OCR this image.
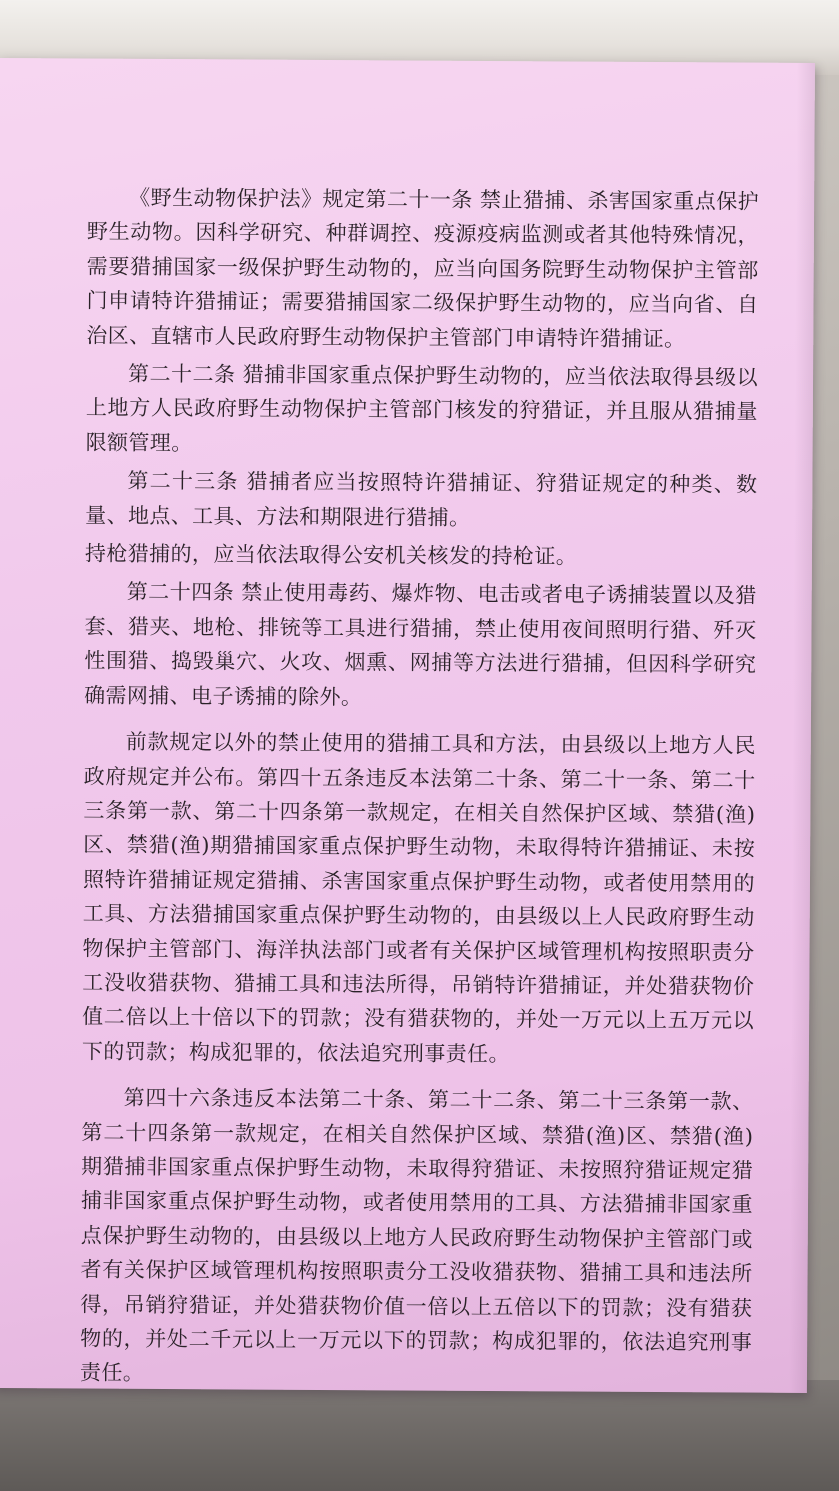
《野生动物保护法》规定第二十一条 禁止猎捕、杀害国家重点保护野生动物。因科学研究、种群调控、疫源疫病监测或者其他特殊情况，需要猎捕国家一级保护野生动物的，应当向国务院野生动物保护主管部门申请特许猎捕证；需要猎捕国家二级保护野生动物的，应当向省、自治区、直辖市人民政府野生动物保护主管部门申请特许猎捕证。

第二十二条 猎捕非国家重点保护野生动物的，应当依法取得县级以上地方人民政府野生动物保护主管部门核发的狩猎证，并且服从猎捕量限额管理。

第二十三条 猎捕者应当按照特许猎捕证、狩猎证规定的种类、数量、地点、工具、方法和期限进行猎捕。

持枪猎捕的，应当依法取得公安机关核发的持枪证。

第二十四条 禁止使用毒药、爆炸物、电击或者电子诱捕装置以及猎套、猎夹、地枪、排铳等工具进行猎捕，禁止使用夜间照明行猎、歼灭性围猎、捣毁巢穴、火攻、烟熏、网捕等方法进行猎捕，但因科学研究确需网捕、电子诱捕的除外。

前款规定以外的禁止使用的猎捕工具和方法，由县级以上地方人民政府规定并公布。第四十五条违反本法第二十条、第二十一条、第二十三条第一款、第二十四条第一款规定，在相关自然保护区域、禁猎(渔)区、禁猎(渔)期猎捕国家重点保护野生动物，未取得特许猎捕证、未按照特许猎捕证规定猎捕、杀害国家重点保护野生动物，或者使用禁用的工具、方法猎捕国家重点保护野生动物的，由县级以上人民政府野生动物保护主管部门、海洋执法部门或者有关保护区域管理机构按照职责分工没收猎获物、猎捕工具和违法所得，吊销特许猎捕证，并处猎获物价值二倍以上十倍以下的罚款；没有猎获物的，并处一万元以上五万元以下的罚款；构成犯罪的，依法追究刑事责任。

第四十六条违反本法第二十条、第二十二条、第二十三条第一款、第二十四条第一款规定，在相关自然保护区域、禁猎(渔)区、禁猎(渔)期猎捕非国家重点保护野生动物，未取得狩猎证、未按照狩猎证规定猎捕非国家重点保护野生动物，或者使用禁用的工具、方法猎捕非国家重点保护野生动物的，由县级以上地方人民政府野生动物保护主管部门或者有关保护区域管理机构按照职责分工没收猎获物、猎捕工具和违法所得，吊销狩猎证，并处猎获物价值一倍以上五倍以下的罚款；没有猎获物的，并处二千元以上一万元以下的罚款；构成犯罪的，依法追究刑事责任。
